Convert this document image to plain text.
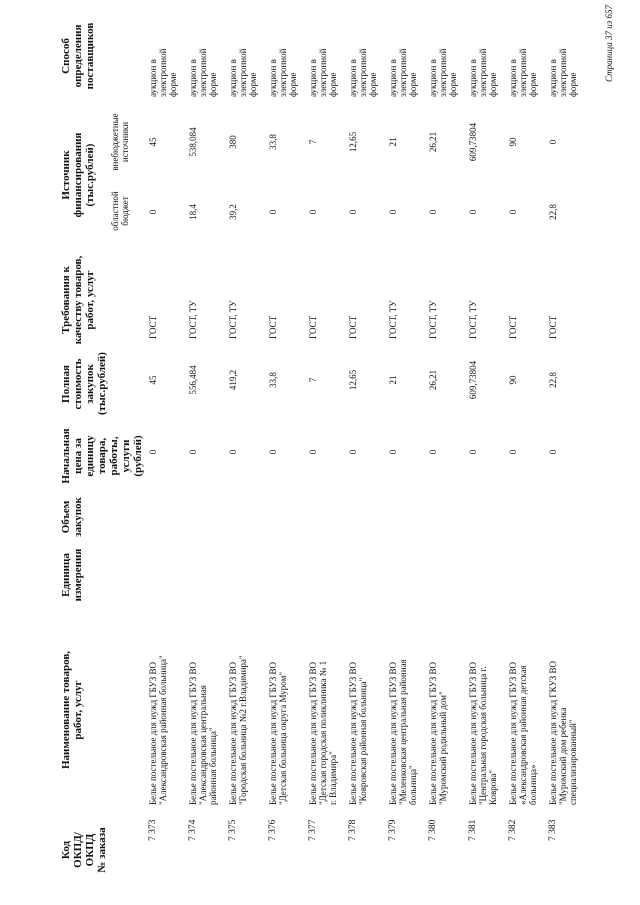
Код ОКПД/ ОКПД № заказа
Наименование товаров, работ, услуг
Единица измерения
Объем закупок
Начальная цена за единицу товара, работы, услуги (рублей)
Полная стоимость закупок (тыс.рублей)
Требования к качеству товаров, работ, услуг
Источник финансирования (тыс.рублей)
Способ определения поставщиков
областной бюджет
внебюджетные источники
7 373
Белье постельное для нужд ГБУЗ ВО "Александровская районная больница"
0
45
ГОСТ
0
45
аукцион в электронной форме
7 374
Белье постельное для нужд ГБУЗ ВО "Александровская центральная районная больница"
0
556,484
ГОСТ, ТУ
18,4
538,084
аукцион в электронной форме
7 375
Белье постельное для нужд ГБУЗ ВО "Городская больница №2 г.Владимира"
0
419,2
ГОСТ, ТУ
39,2
380
аукцион в электронной форме
7 376
Белье постельное для нужд ГБУЗ ВО "Детская больница округа Муром"
0
33,8
ГОСТ
0
33,8
аукцион в электронной форме
7 377
Белье постельное для нужд ГБУЗ ВО "Детская городская поликлиника № 1 г. Владимира"
0
7
ГОСТ
0
7
аукцион в электронной форме
7 378
Белье постельное для нужд ГБУЗ ВО "Ковровская районная больница"
0
12,65
ГОСТ
0
12,65
аукцион в электронной форме
7 379
Белье постельное для нужд ГБУЗ ВО "Меленковская центральная районная больница"
0
21
ГОСТ, ТУ
0
21
аукцион в электронной форме
7 380
Белье постельное для нужд ГБУЗ ВО "Муромский родильный дом"
0
26,21
ГОСТ, ТУ
0
26,21
аукцион в электронной форме
7 381
Белье постельное для нужд ГБУЗ ВО "Центральная городская больница г. Коврова"
0
609,73804
ГОСТ, ТУ
0
609,73804
аукцион в электронной форме
7 382
Белье постельное для нужд ГБУЗ ВО «Александровская районная детская больница»
0
90
ГОСТ
0
90
аукцион в электронной форме
7 383
Белье постельное для нужд ГКУЗ ВО "Муромский дом ребенка специализированный"
0
22,8
ГОСТ
22,8
0
аукцион в электронной форме
Страница 37 из 657
